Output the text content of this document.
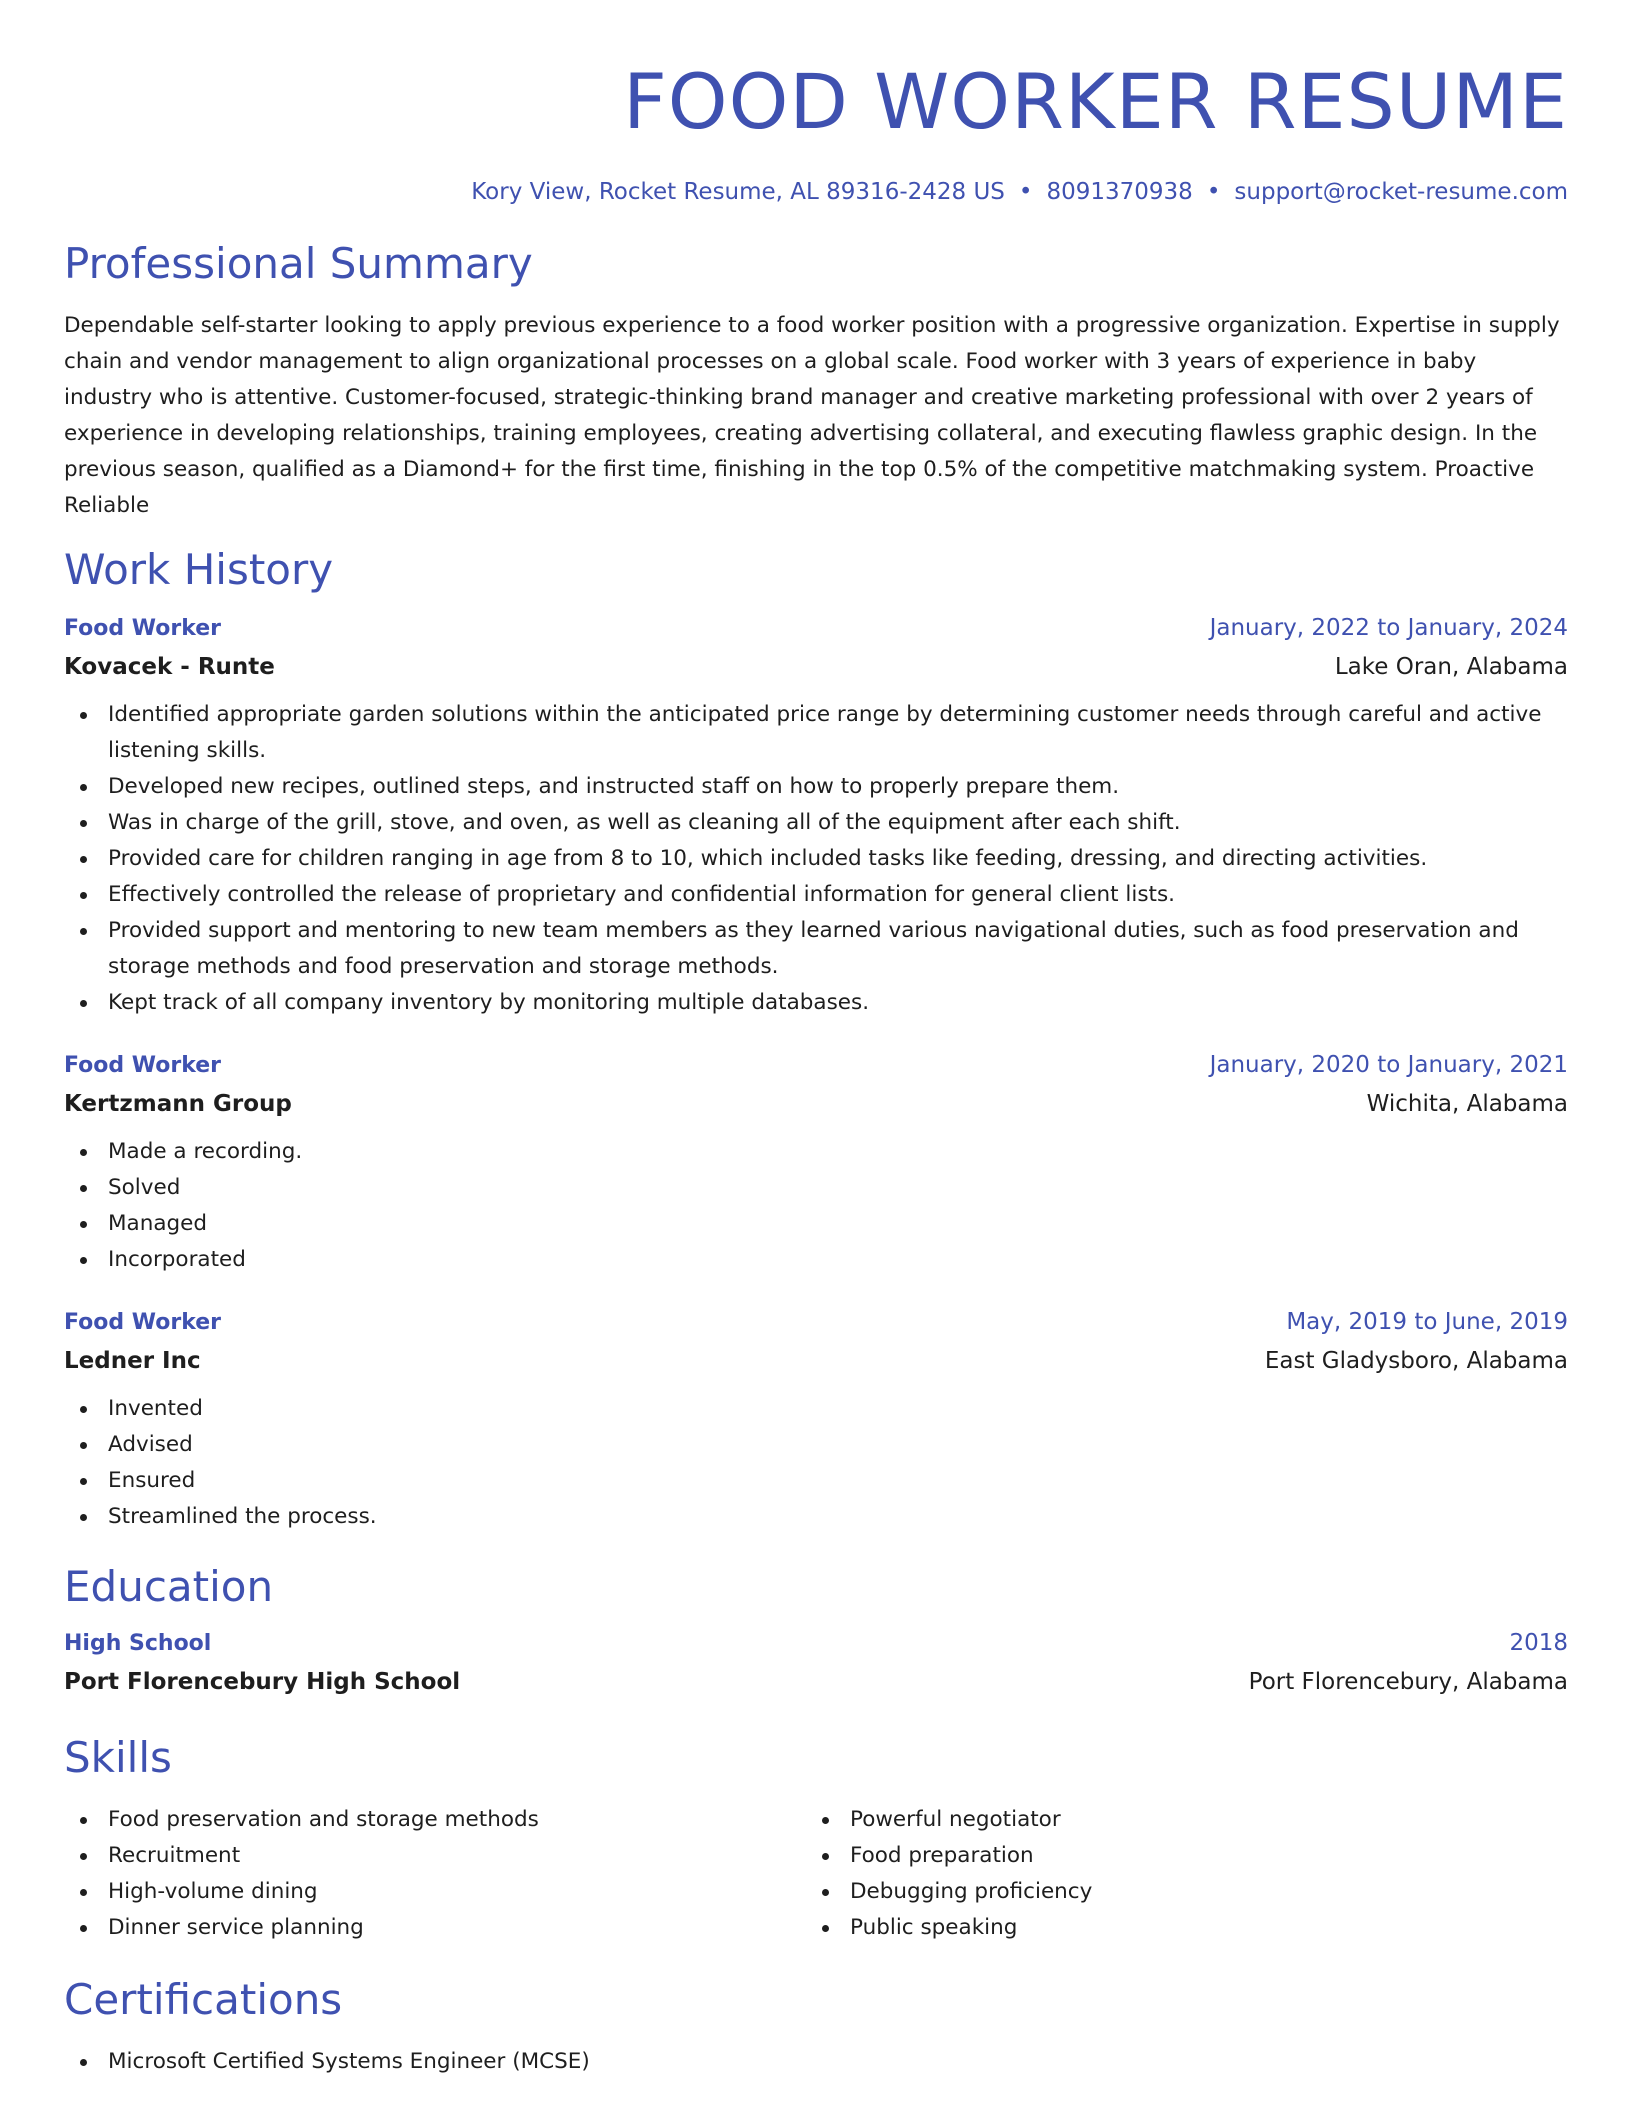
FOOD WORKER RESUME
Kory View, Rocket Resume, AL 89316-2428 US • 8091370938 • support@rocket-resume.com
Professional Summary

Dependable self-starter looking to apply previous experience to a food worker position with a progressive organization. Expertise in supply chain and vendor management to align organizational processes on a global scale. Food worker with 3 years of experience in baby industry who is attentive. Customer-focused, strategic-thinking brand manager and creative marketing professional with over 2 years of experience in developing relationships, training employees, creating advertising collateral, and executing flawless graphic design. In the previous season, qualified as a Diamond+ for the first time, finishing in the top 0.5% of the competitive matchmaking system. Proactive Reliable

Work History
Food Worker	January, 2022 to January, 2024
Kovacek - Runte	Lake Oran, Alabama
Identified appropriate garden solutions within the anticipated price range by determining customer needs through careful and active listening skills.
Developed new recipes, outlined steps, and instructed staff on how to properly prepare them.
Was in charge of the grill, stove, and oven, as well as cleaning all of the equipment after each shift.
Provided care for children ranging in age from 8 to 10, which included tasks like feeding, dressing, and directing activities.
Effectively controlled the release of proprietary and confidential information for general client lists.
Provided support and mentoring to new team members as they learned various navigational duties, such as food preservation and storage methods and food preservation and storage methods.
Kept track of all company inventory by monitoring multiple databases.
Food Worker	January, 2020 to January, 2021
Kertzmann Group	Wichita, Alabama
Made a recording.
Solved
Managed
Incorporated
Food Worker	May, 2019 to June, 2019
Ledner Inc	East Gladysboro, Alabama
Invented
Advised
Ensured
Streamlined the process.
Education
High School	2018
Port Florencebury High School	Port Florencebury, Alabama
Skills
Food preservation and storage methods
Recruitment
High-volume dining
Dinner service planning
Powerful negotiator
Food preparation
Debugging proficiency
Public speaking
Certifications
Microsoft Certified Systems Engineer (MCSE)
